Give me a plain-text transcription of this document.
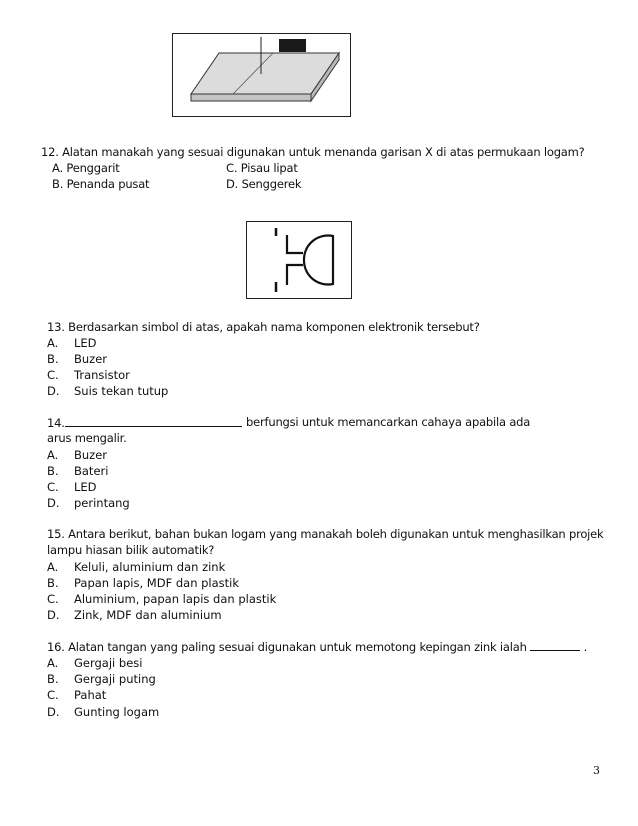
12. Alatan manakah yang sesuai digunakan untuk menanda garisan X di atas permukaan logam?
A. Penggarit
B. Penanda pusat
C. Pisau lipat
D. Senggerek
13. Berdasarkan simbol di atas, apakah nama komponen elektronik tersebut?
A. LED
B. Buzer
C. Transistor
D. Suis tekan tutup
14.	berfungsi untuk memancarkan cahaya apabila ada
arus mengalir.
A. Buzer
B. Bateri
C. LED
D. perintang
15. Antara berikut, bahan bukan logam yang manakah boleh digunakan untuk menghasilkan projek
lampu hiasan bilik automatik?
A. Keluli, aluminium dan zink
B. Papan lapis, MDF dan plastik
C. Aluminium, papan lapis dan plastik
D. Zink, MDF dan aluminium
16. Alatan tangan yang paling sesuai digunakan untuk memotong kepingan zink ialah	.
A. Gergaji besi
B. Gergaji puting
C. Pahat
D. Gunting logam
3
